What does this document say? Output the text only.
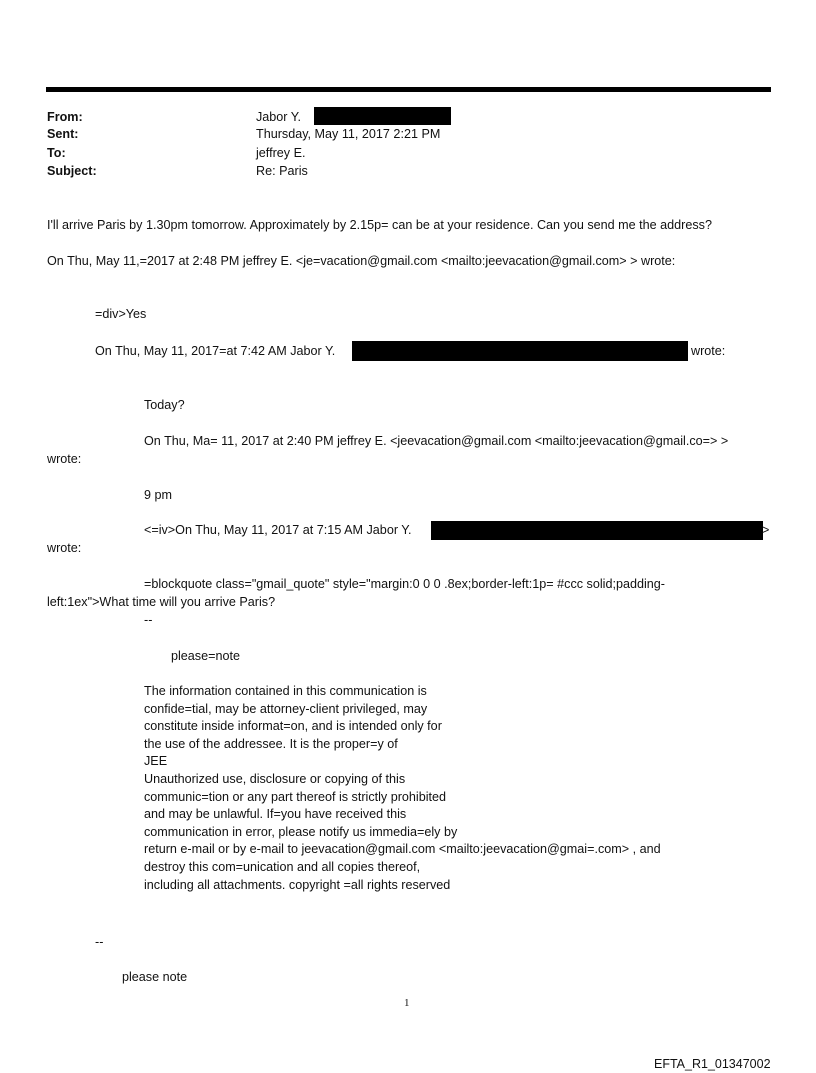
From:
Sent:
To:
Subject:
Jabor Y.
Thursday, May 11, 2017 2:21 PM
jeffrey E.
Re: Paris
I'll arrive Paris by 1.30pm tomorrow. Approximately by 2.15p= can be at your residence. Can you send me the address?
On Thu, May 11,=2017 at 2:48 PM jeffrey E. <je=vacation@gmail.com <mailto:jeevacation@gmail.com> > wrote:
=div>Yes
On Thu, May 11, 2017=at 7:42 AM Jabor Y.	wrote:
Today?
On Thu, Ma= 11, 2017 at 2:40 PM jeffrey E. <jeevacation@gmail.com <mailto:jeevacation@gmail.co=> >
wrote:
9 pm
<=iv>On Thu, May 11, 2017 at 7:15 AM Jabor Y.	>
wrote:
=blockquote class="gmail_quote" style="margin:0 0 0 .8ex;border-left:1p= #ccc solid;padding-
left:1ex">What time will you arrive Paris?
--
please=note
The information contained in this communication is
confide=tial, may be attorney-client privileged, may
constitute inside informat=on, and is intended only for
the use of the addressee. It is the proper=y of
JEE
Unauthorized use, disclosure or copying of this
communic=tion or any part thereof is strictly prohibited
and may be unlawful. If=you have received this
communication in error, please notify us immedia=ely by
return e-mail or by e-mail to jeevacation@gmail.com <mailto:jeevacation@gmai=.com> , and
destroy this com=unication and all copies thereof,
including all attachments. copyright =all rights reserved
--
please note
1
EFTA_R1_01347002
